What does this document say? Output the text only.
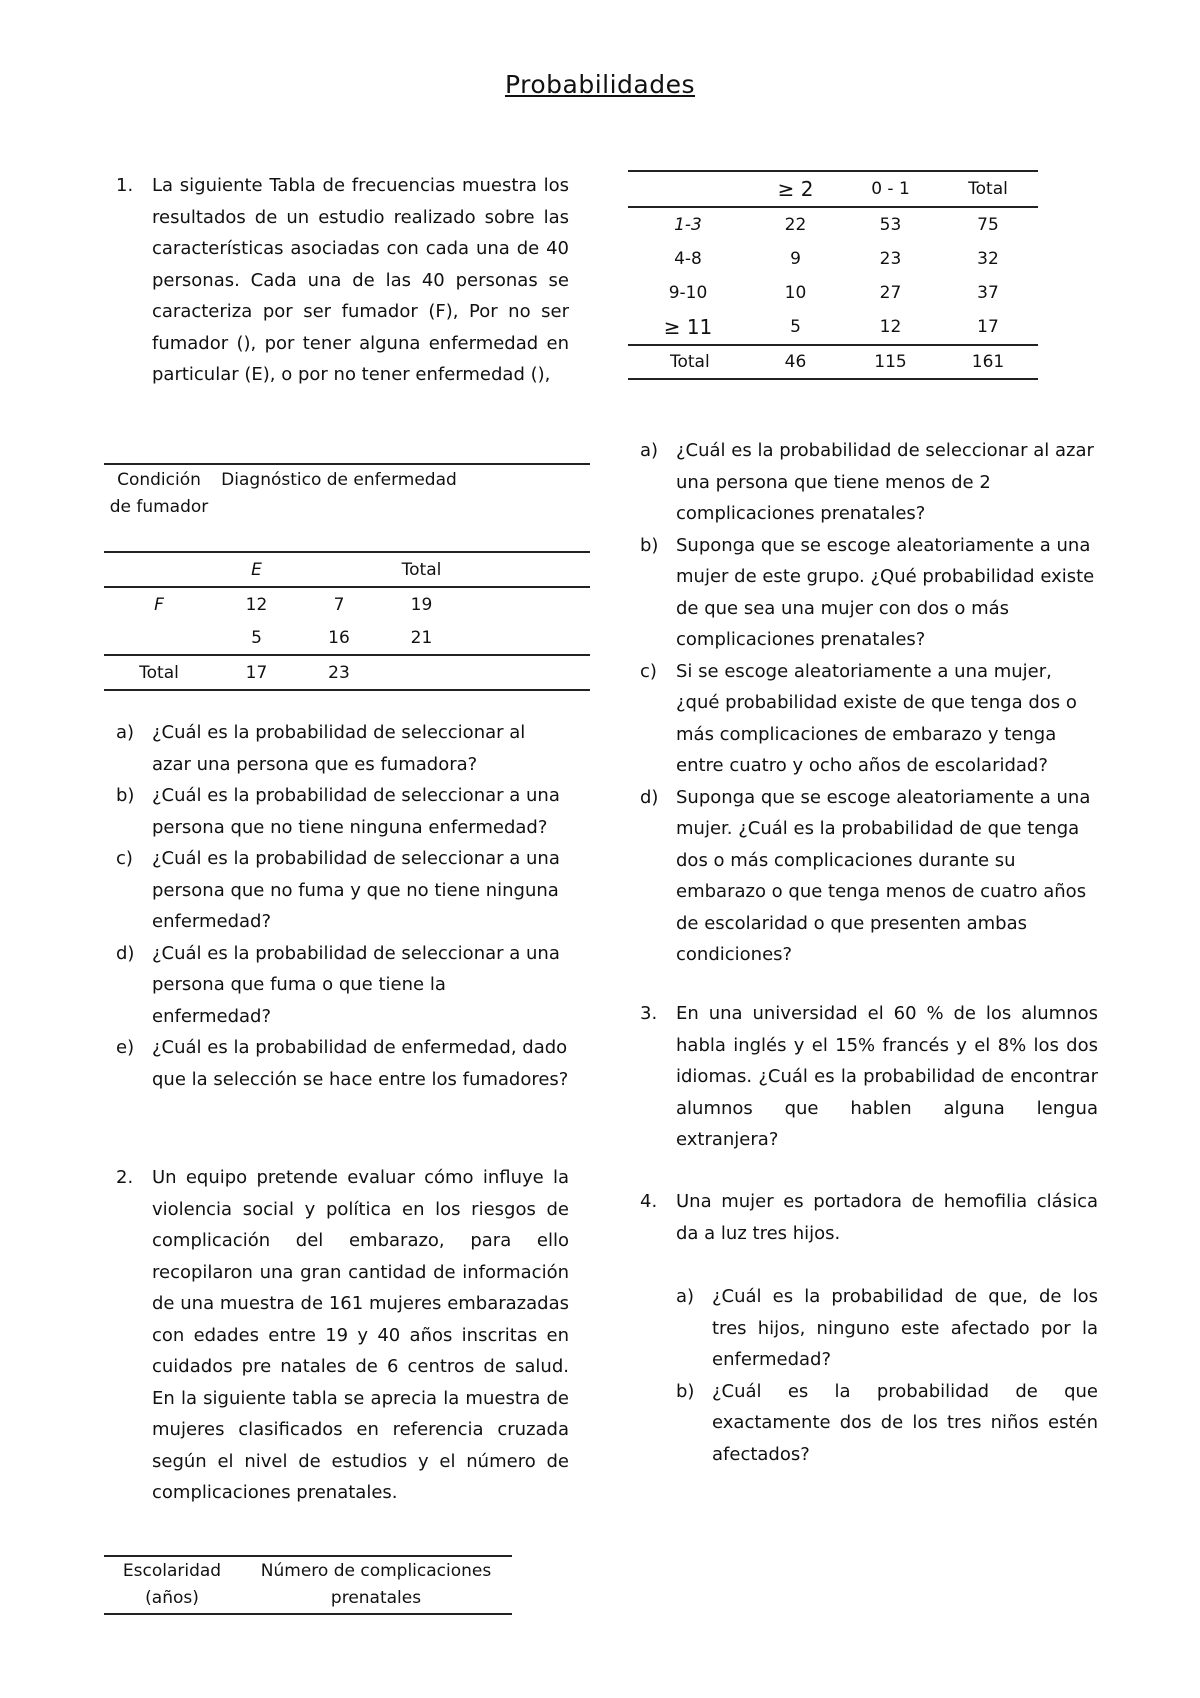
Probabilidades
1. La siguiente Tabla de frecuencias muestra los resultados de un estudio realizado sobre las características asociadas con cada una de 40 personas. Cada una de las 40 personas se caracteriza por ser fumador (F), Por no ser fumador (), por tener alguna enfermedad en particular (E), o por no tener enfermedad (),
Condición de fumador	Diagnóstico de enfermedad			
	E		Total	
F	12	7	19	
	5	16	21	
Total	17	23		
a) ¿Cuál es la probabilidad de seleccionar al azar una persona que es fumadora?
b) ¿Cuál es la probabilidad de seleccionar a una persona que no tiene ninguna enfermedad?
c) ¿Cuál es la probabilidad de seleccionar a una persona que no fuma y que no tiene ninguna enfermedad?
d) ¿Cuál es la probabilidad de seleccionar a una persona que fuma o que tiene la enfermedad?
e) ¿Cuál es la probabilidad de enfermedad, dado que la selección se hace entre los fumadores?
2. Un equipo pretende evaluar cómo influye la violencia social y política en los riesgos de complicación del embarazo, para ello recopilaron una gran cantidad de información de una muestra de 161 mujeres embarazadas con edades entre 19 y 40 años inscritas en cuidados pre natales de 6 centros de salud. En la siguiente tabla se aprecia la muestra de mujeres clasificados en referencia cruzada según el nivel de estudios y el número de complicaciones prenatales.
Escolaridad (años)	Número de complicaciones prenatales
	≥ 2	0 - 1	Total
1-3	22	53	75
4-8	9	23	32
9-10	10	27	37
≥ 11	5	12	17
Total	46	115	161
a) ¿Cuál es la probabilidad de seleccionar al azar una persona que tiene menos de 2 complicaciones prenatales?
b) Suponga que se escoge aleatoriamente a una mujer de este grupo. ¿Qué probabilidad existe de que sea una mujer con dos o más complicaciones prenatales?
c) Si se escoge aleatoriamente a una mujer, ¿qué probabilidad existe de que tenga dos o más complicaciones de embarazo y tenga entre cuatro y ocho años de escolaridad?
d) Suponga que se escoge aleatoriamente a una mujer. ¿Cuál es la probabilidad de que tenga dos o más complicaciones durante su embarazo o que tenga menos de cuatro años de escolaridad o que presenten ambas condiciones?
3. En una universidad el 60 % de los alumnos habla inglés y el 15% francés y el 8% los dos idiomas. ¿Cuál es la probabilidad de encontrar alumnos que hablen alguna lengua extranjera?
4. Una mujer es portadora de hemofilia clásica da a luz tres hijos.
a) ¿Cuál es la probabilidad de que, de los tres hijos, ninguno este afectado por la enfermedad?
b) ¿Cuál es la probabilidad de que exactamente dos de los tres niños estén afectados?
